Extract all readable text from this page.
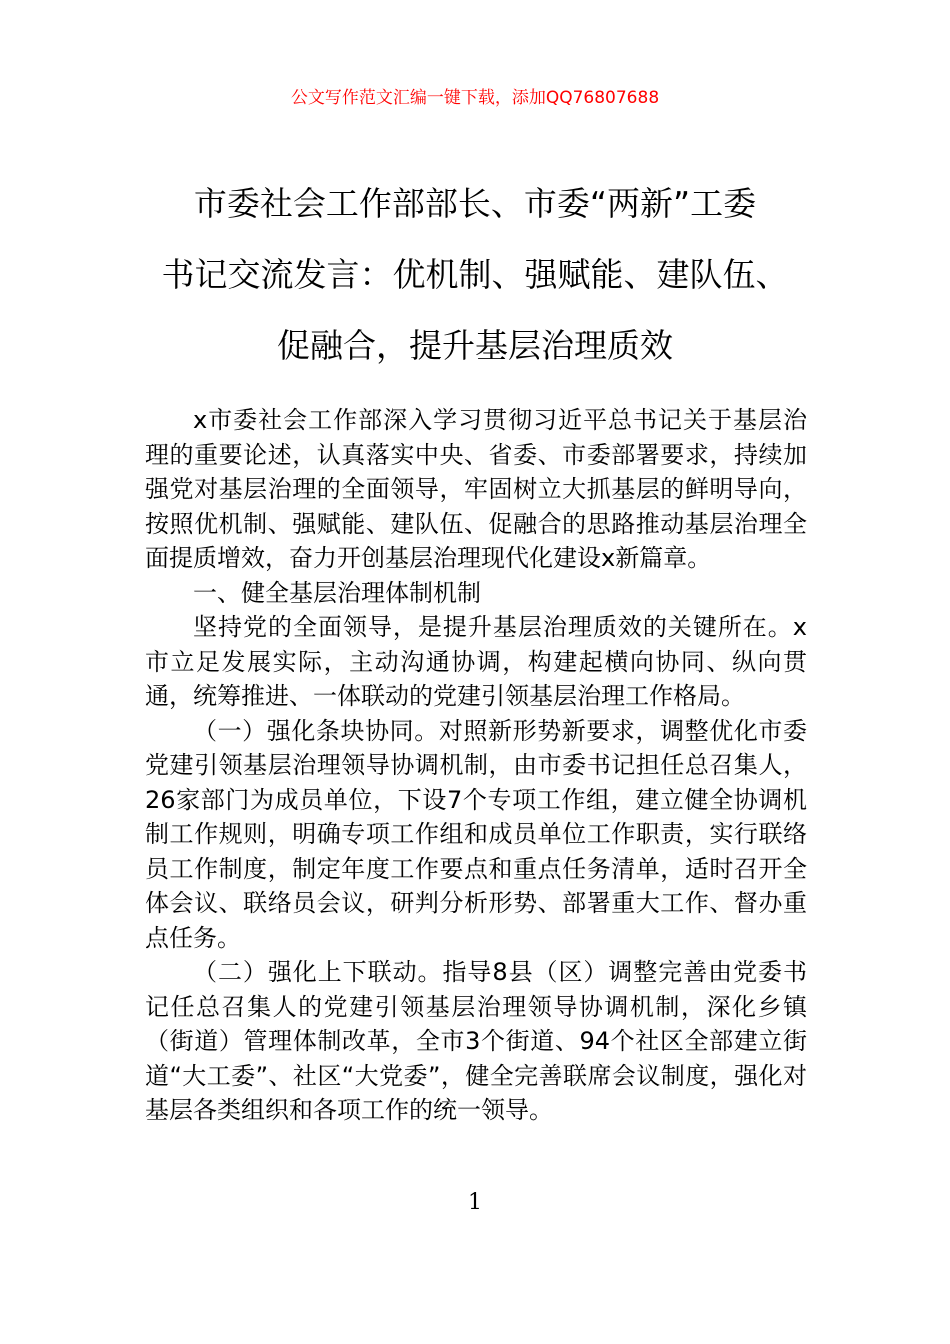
公文写作范文汇编一键下载，添加QQ76807688
市委社会工作部部长、市委“两新”工委
书记交流发言：优机制、强赋能、建队伍、
促融合，提升基层治理质效

x市委社会工作部深入学习贯彻习近平总书记关于基层治理的重要论述，认真落实中央、省委、市委部署要求，持续加强党对基层治理的全面领导，牢固树立大抓基层的鲜明导向，按照优机制、强赋能、建队伍、促融合的思路推动基层治理全面提质增效，奋力开创基层治理现代化建设x新篇章。

一、健全基层治理体制机制

坚持党的全面领导，是提升基层治理质效的关键所在。x市立足发展实际，主动沟通协调，构建起横向协同、纵向贯通，统筹推进、一体联动的党建引领基层治理工作格局。

（一）强化条块协同。对照新形势新要求，调整优化市委党建引领基层治理领导协调机制，由市委书记担任总召集人，26家部门为成员单位，下设7个专项工作组，建立健全协调机制工作规则，明确专项工作组和成员单位工作职责，实行联络员工作制度，制定年度工作要点和重点任务清单，适时召开全体会议、联络员会议，研判分析形势、部署重大工作、督办重点任务。

（二）强化上下联动。指导8县（区）调整完善由党委书记任总召集人的党建引领基层治理领导协调机制，深化乡镇（街道）管理体制改革，全市3个街道、94个社区全部建立街道“大工委”、社区“大党委”，健全完善联席会议制度，强化对基层各类组织和各项工作的统一领导。

1
